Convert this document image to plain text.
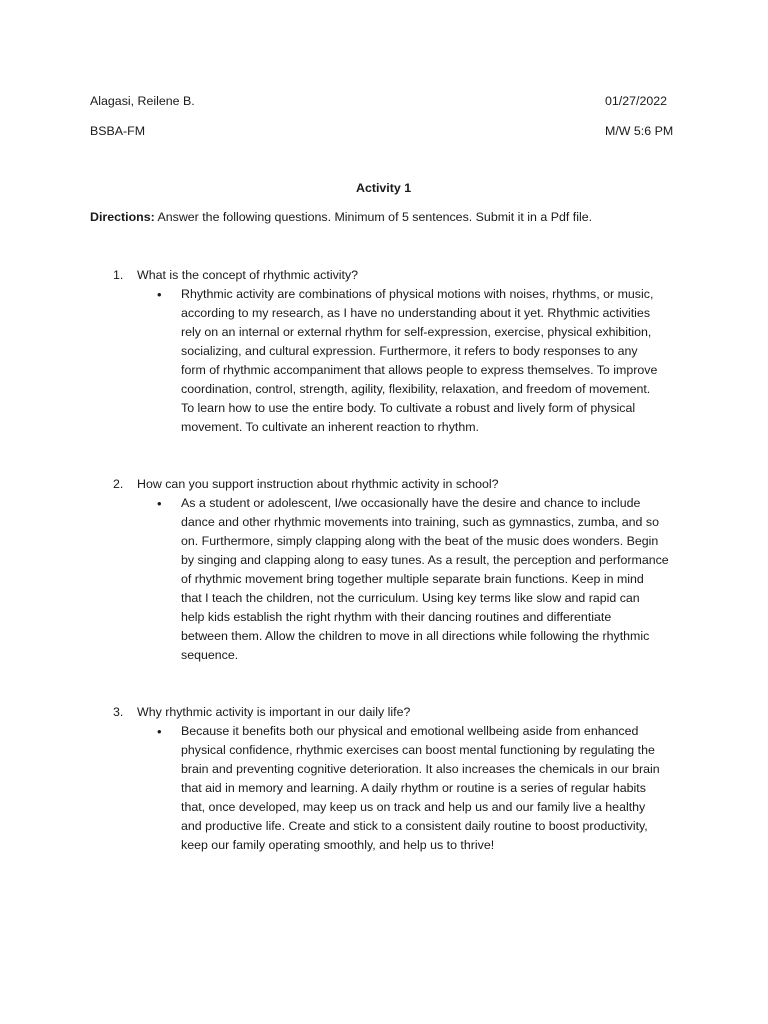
Alagasi, Reilene B.	01/27/2022
BSBA-FM	M/W 5:6 PM
Activity 1
Directions: Answer the following questions. Minimum of 5 sentences. Submit it in a Pdf file.
1. What is the concept of rhythmic activity?
• Rhythmic activity are combinations of physical motions with noises, rhythms, or music,
according to my research, as I have no understanding about it yet. Rhythmic activities
rely on an internal or external rhythm for self-expression, exercise, physical exhibition,
socializing, and cultural expression. Furthermore, it refers to body responses to any
form of rhythmic accompaniment that allows people to express themselves. To improve
coordination, control, strength, agility, flexibility, relaxation, and freedom of movement.
To learn how to use the entire body. To cultivate a robust and lively form of physical
movement. To cultivate an inherent reaction to rhythm.
2. How can you support instruction about rhythmic activity in school?
• As a student or adolescent, I/we occasionally have the desire and chance to include
dance and other rhythmic movements into training, such as gymnastics, zumba, and so
on. Furthermore, simply clapping along with the beat of the music does wonders. Begin
by singing and clapping along to easy tunes. As a result, the perception and performance
of rhythmic movement bring together multiple separate brain functions. Keep in mind
that I teach the children, not the curriculum. Using key terms like slow and rapid can
help kids establish the right rhythm with their dancing routines and differentiate
between them. Allow the children to move in all directions while following the rhythmic
sequence.
3. Why rhythmic activity is important in our daily life?
• Because it benefits both our physical and emotional wellbeing aside from enhanced
physical confidence, rhythmic exercises can boost mental functioning by regulating the
brain and preventing cognitive deterioration. It also increases the chemicals in our brain
that aid in memory and learning. A daily rhythm or routine is a series of regular habits
that, once developed, may keep us on track and help us and our family live a healthy
and productive life. Create and stick to a consistent daily routine to boost productivity,
keep our family operating smoothly, and help us to thrive!
